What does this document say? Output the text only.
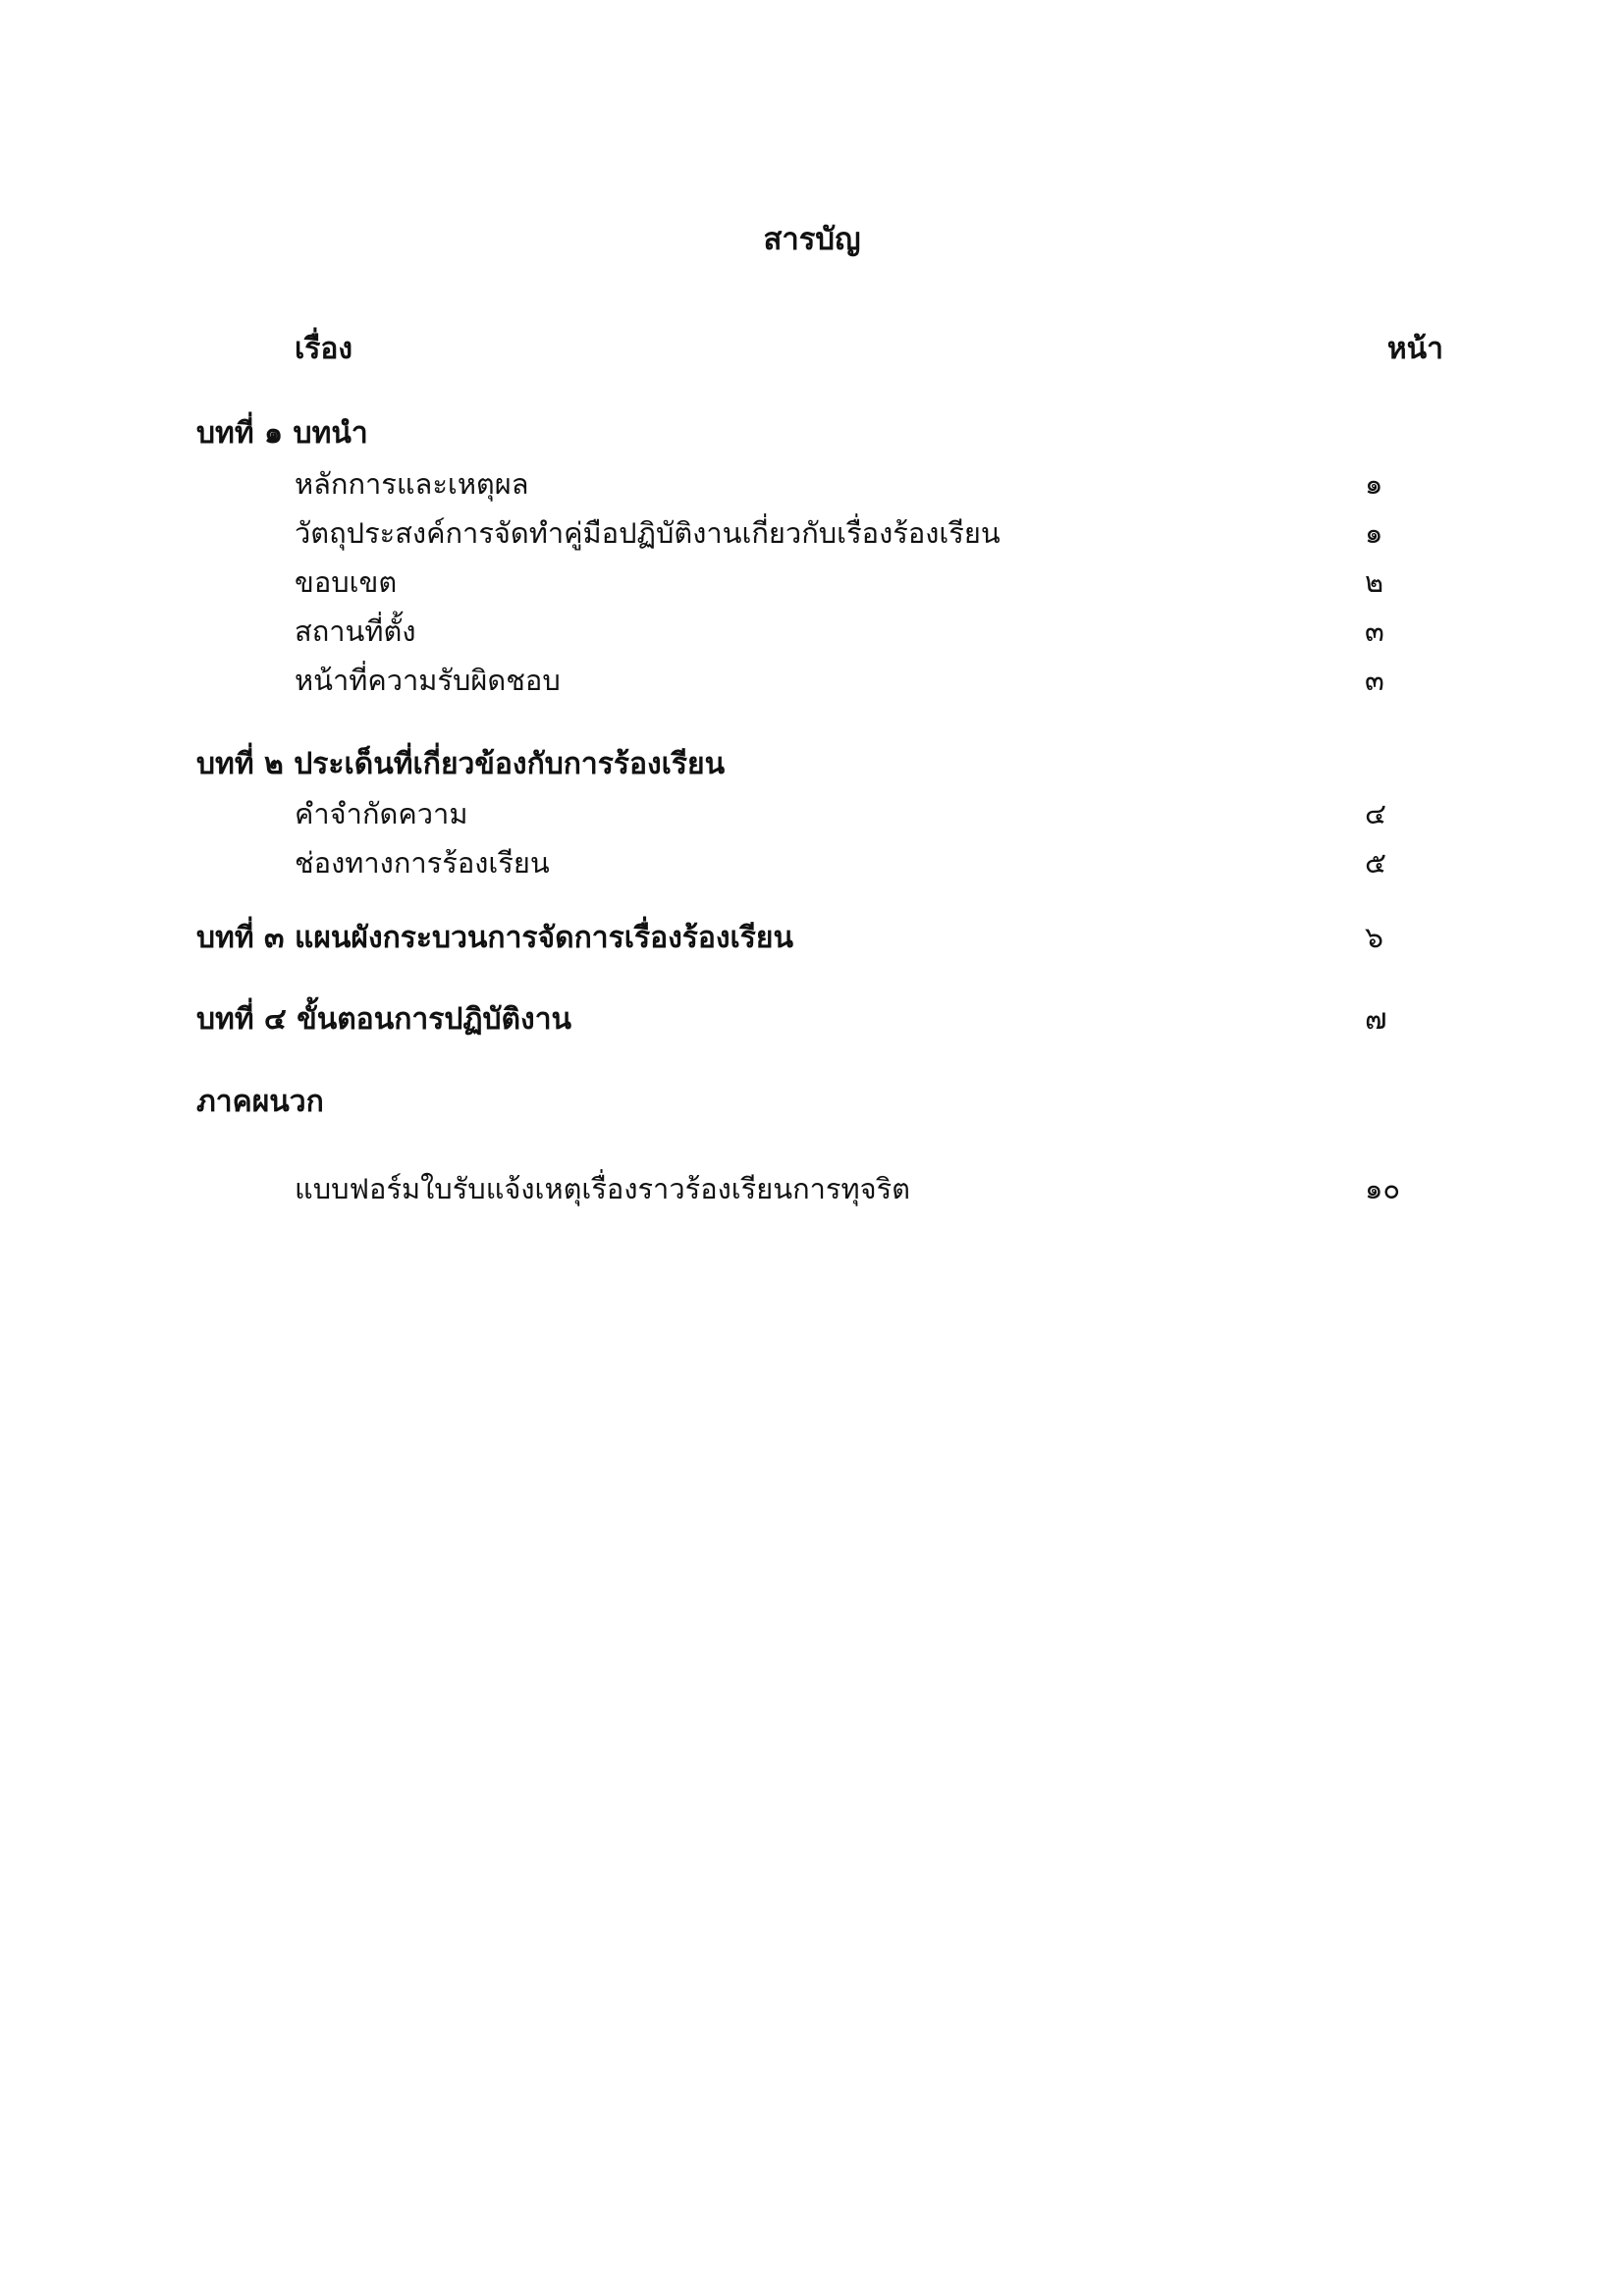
สารบัญ
เรื่อง	หน้า
บทที่ ๑ บทนำ
หลักการและเหตุผล	๑
วัตถุประสงค์การจัดทำคู่มือปฏิบัติงานเกี่ยวกับเรื่องร้องเรียน	๑
ขอบเขต	๒
สถานที่ตั้ง	๓
หน้าที่ความรับผิดชอบ	๓
บทที่ ๒ ประเด็นที่เกี่ยวข้องกับการร้องเรียน
คำจำกัดความ	๔
ช่องทางการร้องเรียน	๕
บทที่ ๓ แผนผังกระบวนการจัดการเรื่องร้องเรียน	๖
บทที่ ๔ ขั้นตอนการปฏิบัติงาน	๗
ภาคผนวก
แบบฟอร์มใบรับแจ้งเหตุเรื่องราวร้องเรียนการทุจริต	๑๐
